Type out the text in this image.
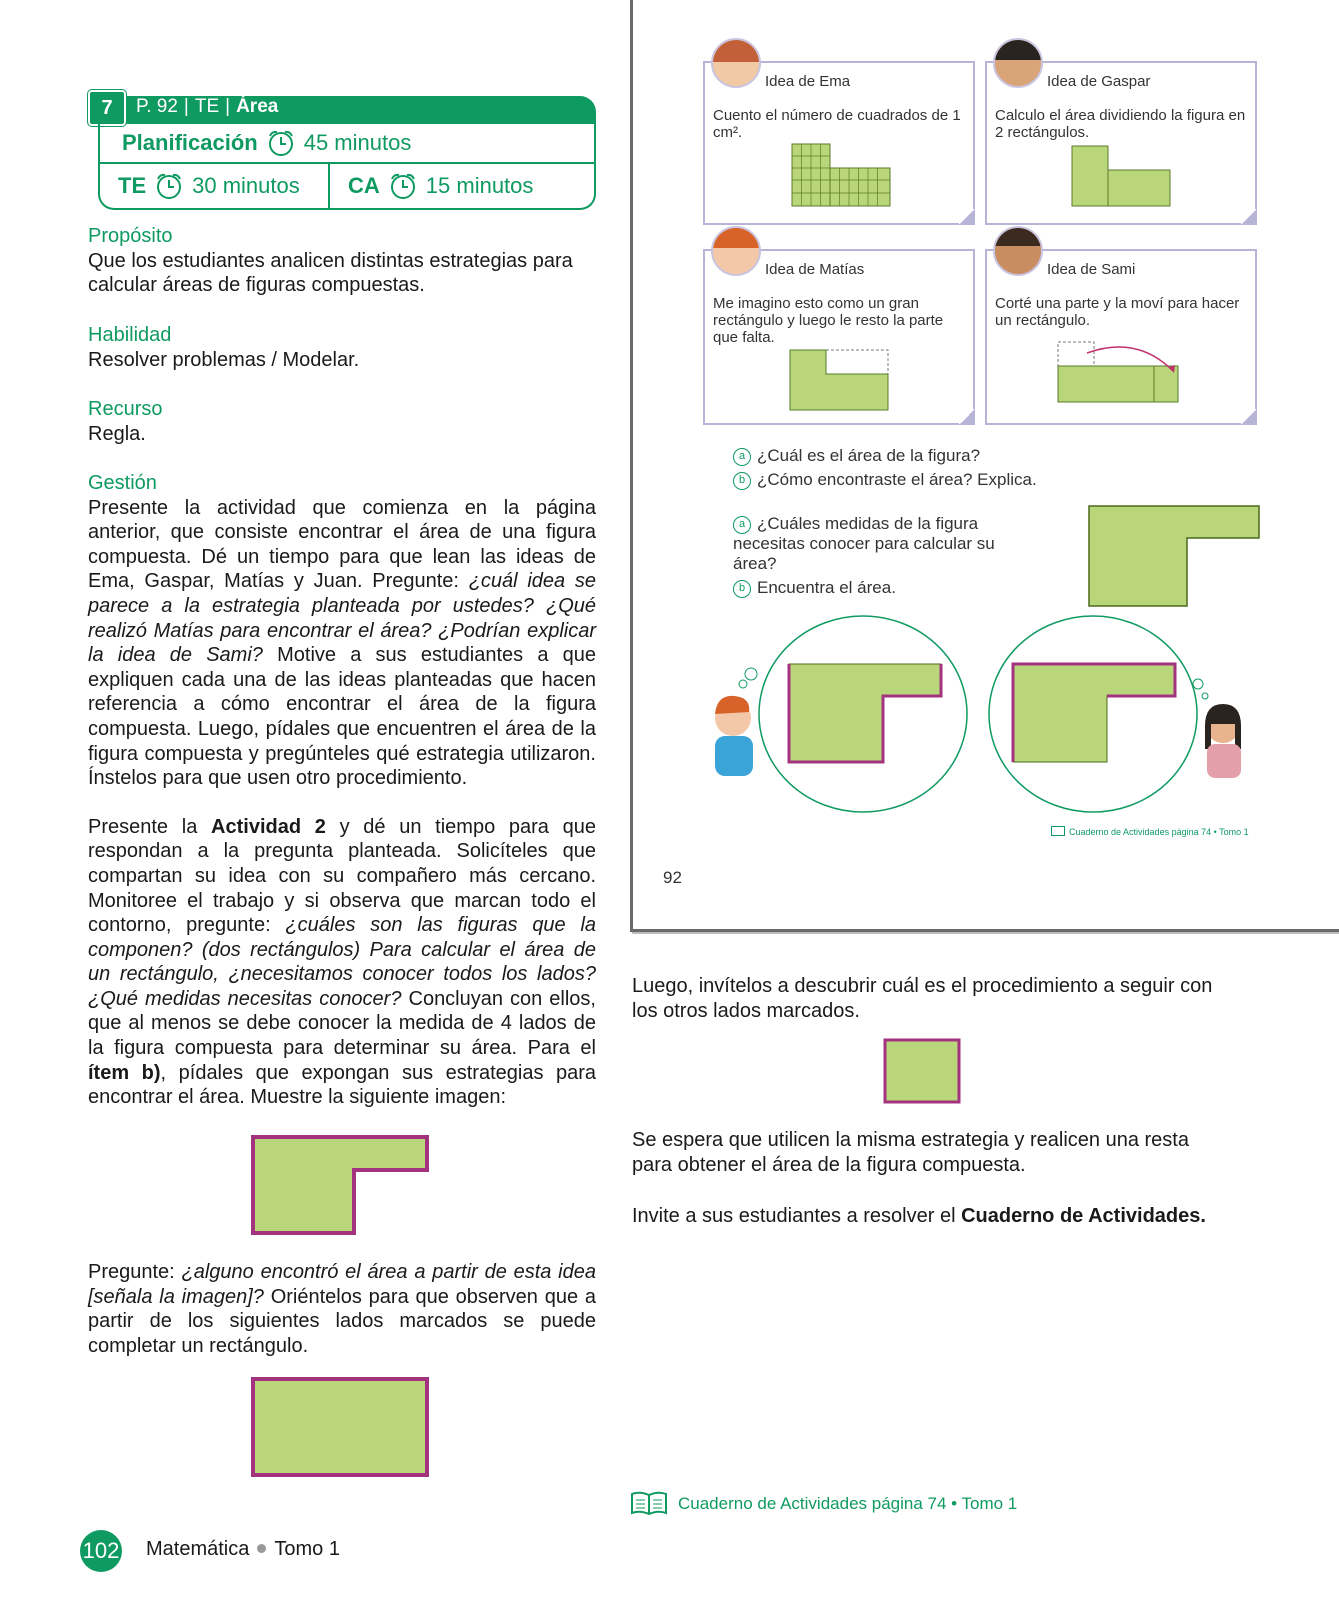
7	P. 92 | TE | Área
Planificación 45 minutos
TE 30 minutos CA 15 minutos
Propósito
Que los estudiantes analicen distintas estrategias para calcular áreas de figuras compuestas.
Habilidad
Resolver problemas / Modelar.
Recurso
Regla.
Gestión

Presente la actividad que comienza en la página anterior, que consiste encontrar el área de una figura compuesta. Dé un tiempo para que lean las ideas de Ema, Gaspar, Matías y Juan. Pregunte: ¿cuál idea se parece a la estrategia planteada por ustedes? ¿Qué realizó Matías para encontrar el área? ¿Podrían explicar la idea de Sami? Motive a sus estudiantes a que expliquen cada una de las ideas planteadas que hacen referencia a cómo encontrar el área de la figura compuesta. Luego, pídales que encuentren el área de la figura compuesta y pregúnteles qué estrategia utilizaron. Ínstelos para que usen otro procedimiento.

Presente la Actividad 2 y dé un tiempo para que respondan a la pregunta planteada. Solicíteles que compartan su idea con su compañero más cercano. Monitoree el trabajo y si observa que marcan todo el contorno, pregunte: ¿cuáles son las figuras que la componen? (dos rectángulos) Para calcular el área de un rectángulo, ¿necesitamos conocer todos los lados? ¿Qué medidas necesitas conocer? Concluyan con ellos, que al menos se debe conocer la medida de 4 lados de la figura compuesta para determinar su área. Para el ítem b), pídales que expongan sus estrategias para encontrar el área. Muestre la siguiente imagen:

Pregunte: ¿alguno encontró el área a partir de esta idea [señala la imagen]? Oriéntelos para que observen que a partir de los siguientes lados marcados se puede completar un rectángulo.

Idea de Ema
Cuento el número de cuadrados de 1 cm².
Idea de Gaspar
Calculo el área dividiendo la figura en 2 rectángulos.
Idea de Matías
Me imagino esto como un gran rectángulo y luego le resto la parte que falta.
Idea de Sami
Corté una parte y la moví para hacer un rectángulo.
a ¿Cuál es el área de la figura?
b ¿Cómo encontraste el área? Explica.
a ¿Cuáles medidas de la figura necesitas conocer para calcular su área?
b Encuentra el área.
Cuaderno de Actividades página 74 • Tomo 1
92
Luego, invítelos a descubrir cuál es el procedimiento a seguir con los otros lados marcados.
Se espera que utilicen la misma estrategia y realicen una resta para obtener el área de la figura compuesta.
Invite a sus estudiantes a resolver el Cuaderno de Actividades.
Cuaderno de Actividades página 74 • Tomo 1
102 Matemática Tomo 1
